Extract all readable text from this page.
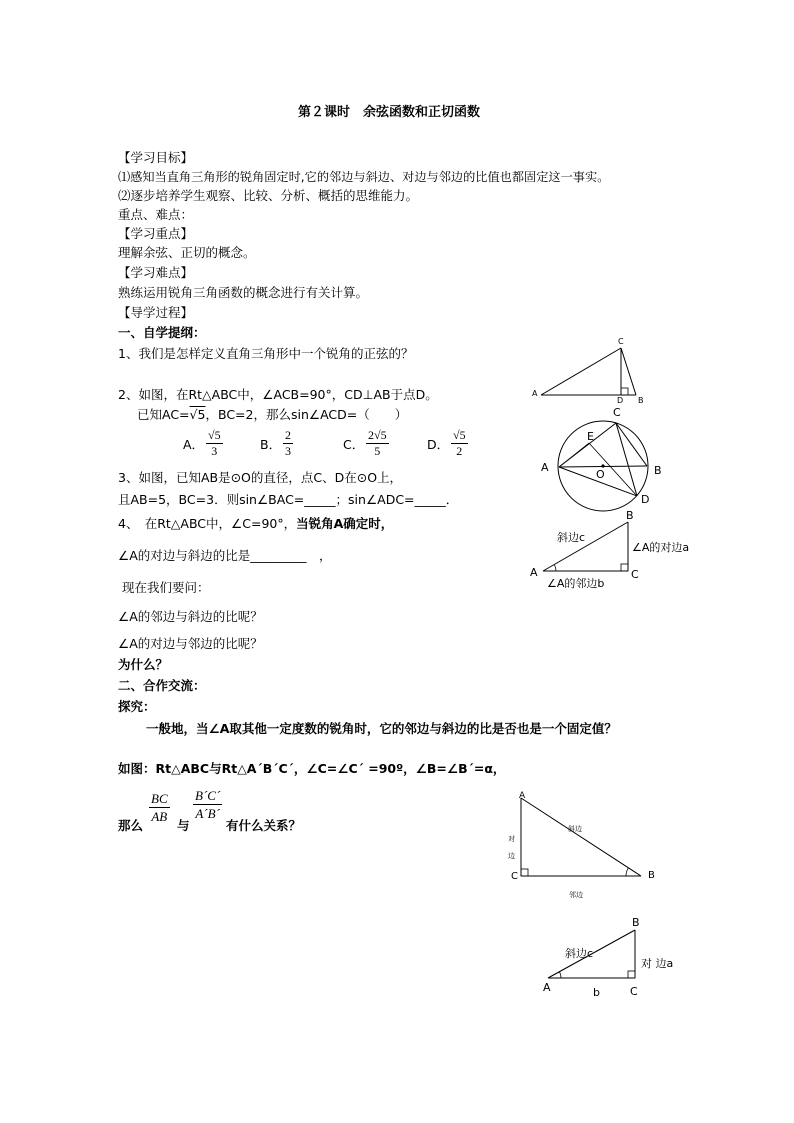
第２课时　余弦函数和正切函数
【学习目标】
⑴感知当直角三角形的锐角固定时,它的邻边与斜边、对边与邻边的比值也都固定这一事实。
⑵逐步培养学生观察、比较、分析、概括的思维能力。
重点、难点：
【学习重点】
理解余弦、正切的概念。
【学习难点】
熟练运用锐角三角函数的概念进行有关计算。
【导学过程】
一、自学提纲：
1、我们是怎样定义直角三角形中一个锐角的正弦的？
2、如图，在Rt△ABC中，∠ACB=90°，CD⊥AB于点D。
已知AC=√5，BC=2，那么sin∠ACD=（　　）
A． $\frac{√5}{3}$	B． $\frac{2}{3}$	C． $\frac{2√5}{5}$	D． $\frac{√5}{2}$
3、如图，已知AB是⊙O的直径，点C、D在⊙O上，
且AB=5，BC=3．则sin∠BAC=_____；sin∠ADC=_____．
4、　在Rt△ABC中，∠C=90°，当锐角A确定时，
∠A的对边与斜边的比是_________　，
现在我们要问：
∠A的邻边与斜边的比呢？
∠A的对边与邻边的比呢？
为什么？
二、合作交流：
探究：
一般地，当∠A取其他一定度数的锐角时，它的邻边与斜边的比是否也是一个固定值？
如图：Rt△ABC与Rt△A´B´C´，∠C=∠C´ =90º，∠B=∠B´=α，
那么
$\frac{BC}{AB}$
与
$\frac{B´C´}{A´B´}$
有什么关系？
A
C
D B
A
C
B
D
E
O
A
B
C
斜边c
∠A的对边a
∠A的邻边b
A
C	B
斜边
对
边
邻边
A
B
C
斜边c
对 边a
b
